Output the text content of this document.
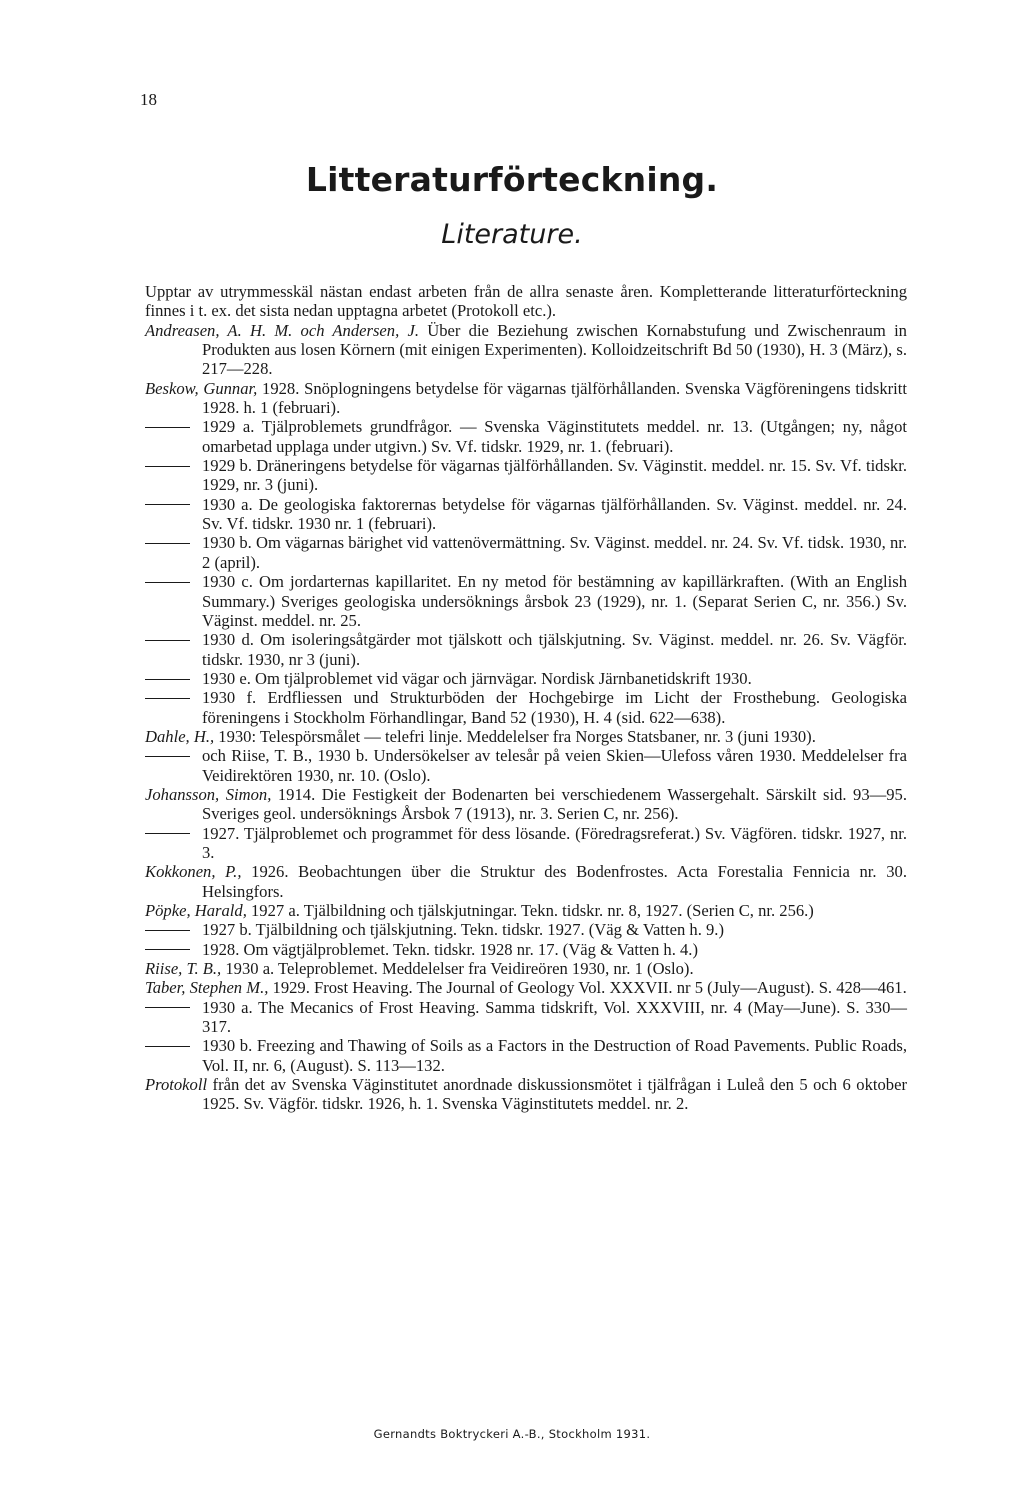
18
Litteraturförteckning.
Literature.

Upptar av utrymmesskäl nästan endast arbeten från de allra senaste åren. Kompletterande litteraturförteckning finnes i t. ex. det sista nedan upptagna arbetet (Protokoll etc.).

Andreasen, A. H. M. och Andersen, J. Über die Beziehung zwischen Kornabstufung und Zwischenraum in Produkten aus losen Körnern (mit einigen Experimenten). Kolloidzeitschrift Bd 50 (1930), H. 3 (März), s. 217—228.

Beskow, Gunnar, 1928. Snöplogningens betydelse för vägarnas tjälförhållanden. Svenska Vägföreningens tidskritt 1928. h. 1 (februari).

1929 a. Tjälproblemets grundfrågor. — Svenska Väginstitutets meddel. nr. 13. (Utgången; ny, något omarbetad upplaga under utgivn.) Sv. Vf. tidskr. 1929, nr. 1. (februari).

1929 b. Dräneringens betydelse för vägarnas tjälförhållanden. Sv. Väginstit. meddel. nr. 15. Sv. Vf. tidskr. 1929, nr. 3 (juni).

1930 a. De geologiska faktorernas betydelse för vägarnas tjälförhållanden. Sv. Väginst. meddel. nr. 24. Sv. Vf. tidskr. 1930 nr. 1 (februari).

1930 b. Om vägarnas bärighet vid vattenövermättning. Sv. Väginst. meddel. nr. 24. Sv. Vf. tidsk. 1930, nr. 2 (april).

1930 c. Om jordarternas kapillaritet. En ny metod för bestämning av kapillärkraften. (With an English Summary.) Sveriges geologiska undersöknings årsbok 23 (1929), nr. 1. (Separat Serien C, nr. 356.) Sv. Väginst. meddel. nr. 25.

1930 d. Om isoleringsåtgärder mot tjälskott och tjälskjutning. Sv. Väginst. meddel. nr. 26. Sv. Vägför. tidskr. 1930, nr 3 (juni).

1930 e. Om tjälproblemet vid vägar och järnvägar. Nordisk Järnbanetidskrift 1930.

1930 f. Erdfliessen und Strukturböden der Hochgebirge im Licht der Frosthebung. Geologiska föreningens i Stockholm Förhandlingar, Band 52 (1930), H. 4 (sid. 622—638).

Dahle, H., 1930: Telespörsmålet — telefri linje. Meddelelser fra Norges Statsbaner, nr. 3 (juni 1930).

och Riise, T. B., 1930 b. Undersökelser av telesår på veien Skien—Ulefoss våren 1930. Meddelelser fra Veidirektören 1930, nr. 10. (Oslo).

Johansson, Simon, 1914. Die Festigkeit der Bodenarten bei verschiedenem Wassergehalt. Särskilt sid. 93—95. Sveriges geol. undersöknings Årsbok 7 (1913), nr. 3. Serien C, nr. 256).

1927. Tjälproblemet och programmet för dess lösande. (Föredragsreferat.) Sv. Vägfören. tidskr. 1927, nr. 3.

Kokkonen, P., 1926. Beobachtungen über die Struktur des Bodenfrostes. Acta Forestalia Fennicia nr. 30. Helsingfors.

Pöpke, Harald, 1927 a. Tjälbildning och tjälskjutningar. Tekn. tidskr. nr. 8, 1927. (Serien C, nr. 256.)

1927 b. Tjälbildning och tjälskjutning. Tekn. tidskr. 1927. (Väg & Vatten h. 9.)

1928. Om vägtjälproblemet. Tekn. tidskr. 1928 nr. 17. (Väg & Vatten h. 4.)

Riise, T. B., 1930 a. Teleproblemet. Meddelelser fra Veidireören 1930, nr. 1 (Oslo).

Taber, Stephen M., 1929. Frost Heaving. The Journal of Geology Vol. XXXVII. nr 5 (July—August). S. 428—461.

1930 a. The Mecanics of Frost Heaving. Samma tidskrift, Vol. XXXVIII, nr. 4 (May—June). S. 330—317.

1930 b. Freezing and Thawing of Soils as a Factors in the Destruction of Road Pavements. Public Roads, Vol. II, nr. 6, (August). S. 113—132.

Protokoll från det av Svenska Väginstitutet anordnade diskussionsmötet i tjälfrågan i Luleå den 5 och 6 oktober 1925. Sv. Vägför. tidskr. 1926, h. 1. Svenska Väginstitutets meddel. nr. 2.

Gernandts Boktryckeri A.-B., Stockholm 1931.
